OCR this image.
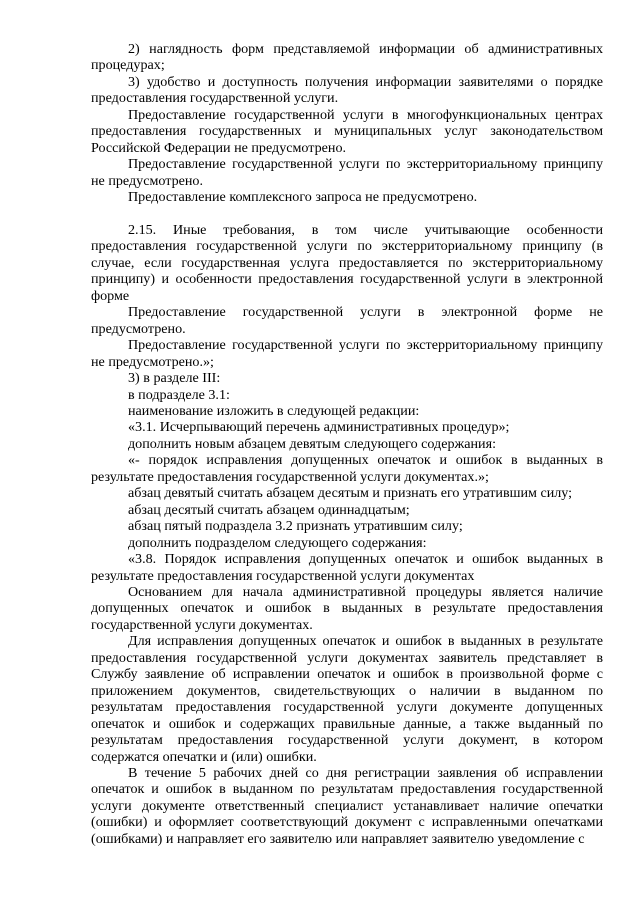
2) наглядность форм представляемой информации об административных процедурах;

3) удобство и доступность получения информации заявителями о порядке предоставления государственной услуги.

Предоставление государственной услуги в многофункциональных центрах предоставления государственных и муниципальных услуг законодательством Российской Федерации не предусмотрено.

Предоставление государственной услуги по экстерриториальному принципу не предусмотрено.

Предоставление комплексного запроса не предусмотрено.

2.15. Иные требования, в том числе учитывающие особенности предоставления государственной услуги по экстерриториальному принципу (в случае, если государственная услуга предоставляется по экстерриториальному принципу) и особенности предоставления государственной услуги в электронной форме

Предоставление государственной услуги в электронной форме не предусмотрено.

Предоставление государственной услуги по экстерриториальному принципу не предусмотрено.»;

3) в разделе III:

в подразделе 3.1:

наименование изложить в следующей редакции:

«3.1. Исчерпывающий перечень административных процедур»;

дополнить новым абзацем девятым следующего содержания:

«- порядок исправления допущенных опечаток и ошибок в выданных в результате предоставления государственной услуги документах.»;

абзац девятый считать абзацем десятым и признать его утратившим силу;

абзац десятый считать абзацем одиннадцатым;

абзац пятый подраздела 3.2 признать утратившим силу;

дополнить подразделом следующего содержания:

«3.8. Порядок исправления допущенных опечаток и ошибок выданных в результате предоставления государственной услуги документах

Основанием для начала административной процедуры является наличие допущенных опечаток и ошибок в выданных в результате предоставления государственной услуги документах.

Для исправления допущенных опечаток и ошибок в выданных в результате предоставления государственной услуги документах заявитель представляет в Службу заявление об исправлении опечаток и ошибок в произвольной форме с приложением документов, свидетельствующих о наличии в выданном по результатам предоставления государственной услуги документе допущенных опечаток и ошибок и содержащих правильные данные, а также выданный по результатам предоставления государственной услуги документ, в котором содержатся опечатки и (или) ошибки.

В течение 5 рабочих дней со дня регистрации заявления об исправлении опечаток и ошибок в выданном по результатам предоставления государственной услуги документе ответственный специалист устанавливает наличие опечатки (ошибки) и оформляет соответствующий документ с исправленными опечатками (ошибками) и направляет его заявителю или направляет заявителю уведомление с
